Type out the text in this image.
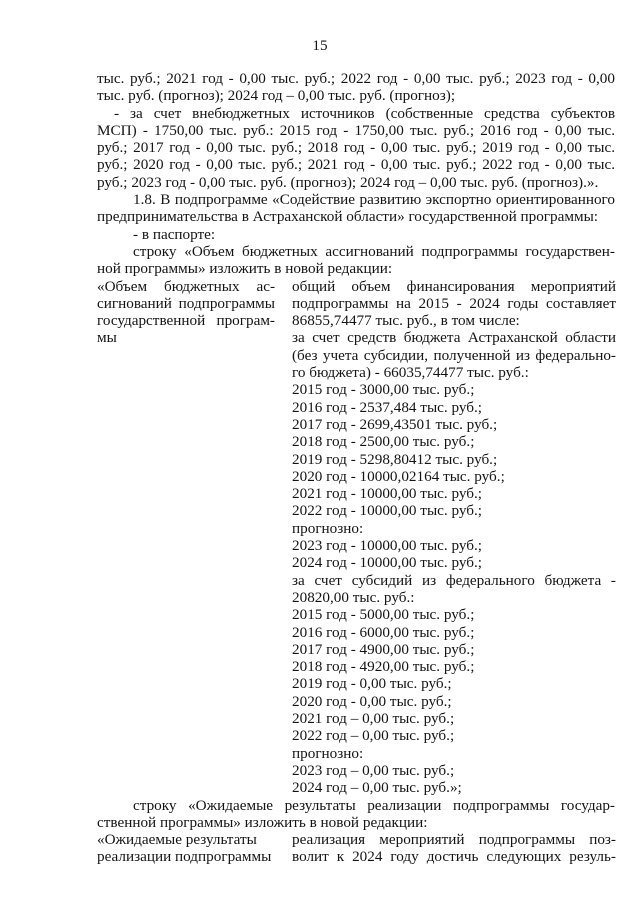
15
тыс. руб.; 2021 год - 0,00 тыс. руб.; 2022 год - 0,00 тыс. руб.; 2023 год - 0,00
тыс. руб. (прогноз); 2024 год – 0,00 тыс. руб. (прогноз);
- за счет внебюджетных источников (собственные средства субъектов
МСП) - 1750,00 тыс. руб.: 2015 год - 1750,00 тыс. руб.; 2016 год - 0,00 тыс.
руб.; 2017 год - 0,00 тыс. руб.; 2018 год - 0,00 тыс. руб.; 2019 год - 0,00 тыс.
руб.; 2020 год - 0,00 тыс. руб.; 2021 год - 0,00 тыс. руб.; 2022 год - 0,00 тыс.
руб.; 2023 год - 0,00 тыс. руб. (прогноз); 2024 год – 0,00 тыс. руб. (прогноз).».
1.8. В подпрограмме «Содействие развитию экспортно ориентированного
предпринимательства в Астраханской области» государственной программы:
- в паспорте:
строку «Объем бюджетных ассигнований подпрограммы государствен-
ной программы» изложить в новой редакции:
«Объем бюджетных ас-
сигнований подпрограммы
государственной програм-
мы
общий объем финансирования мероприятий
подпрограммы на 2015 - 2024 годы составляет
86855,74477 тыс. руб., в том числе:
за счет средств бюджета Астраханской области
(без учета субсидии, полученной из федерально-
го бюджета) - 66035,74477 тыс. руб.:
2015 год - 3000,00 тыс. руб.;
2016 год - 2537,484 тыс. руб.;
2017 год - 2699,43501 тыс. руб.;
2018 год - 2500,00 тыс. руб.;
2019 год - 5298,80412 тыс. руб.;
2020 год - 10000,02164 тыс. руб.;
2021 год - 10000,00 тыс. руб.;
2022 год - 10000,00 тыс. руб.;
прогнозно:
2023 год - 10000,00 тыс. руб.;
2024 год - 10000,00 тыс. руб.;
за счет субсидий из федерального бюджета -
20820,00 тыс. руб.:
2015 год - 5000,00 тыс. руб.;
2016 год - 6000,00 тыс. руб.;
2017 год - 4900,00 тыс. руб.;
2018 год - 4920,00 тыс. руб.;
2019 год - 0,00 тыс. руб.;
2020 год - 0,00 тыс. руб.;
2021 год – 0,00 тыс. руб.;
2022 год – 0,00 тыс. руб.;
прогнозно:
2023 год – 0,00 тыс. руб.;
2024 год – 0,00 тыс. руб.»;
строку «Ожидаемые результаты реализации подпрограммы государ-
ственной программы» изложить в новой редакции:
«Ожидаемые результаты
реализации подпрограммы
реализация мероприятий подпрограммы поз-
волит к 2024 году достичь следующих резуль-
